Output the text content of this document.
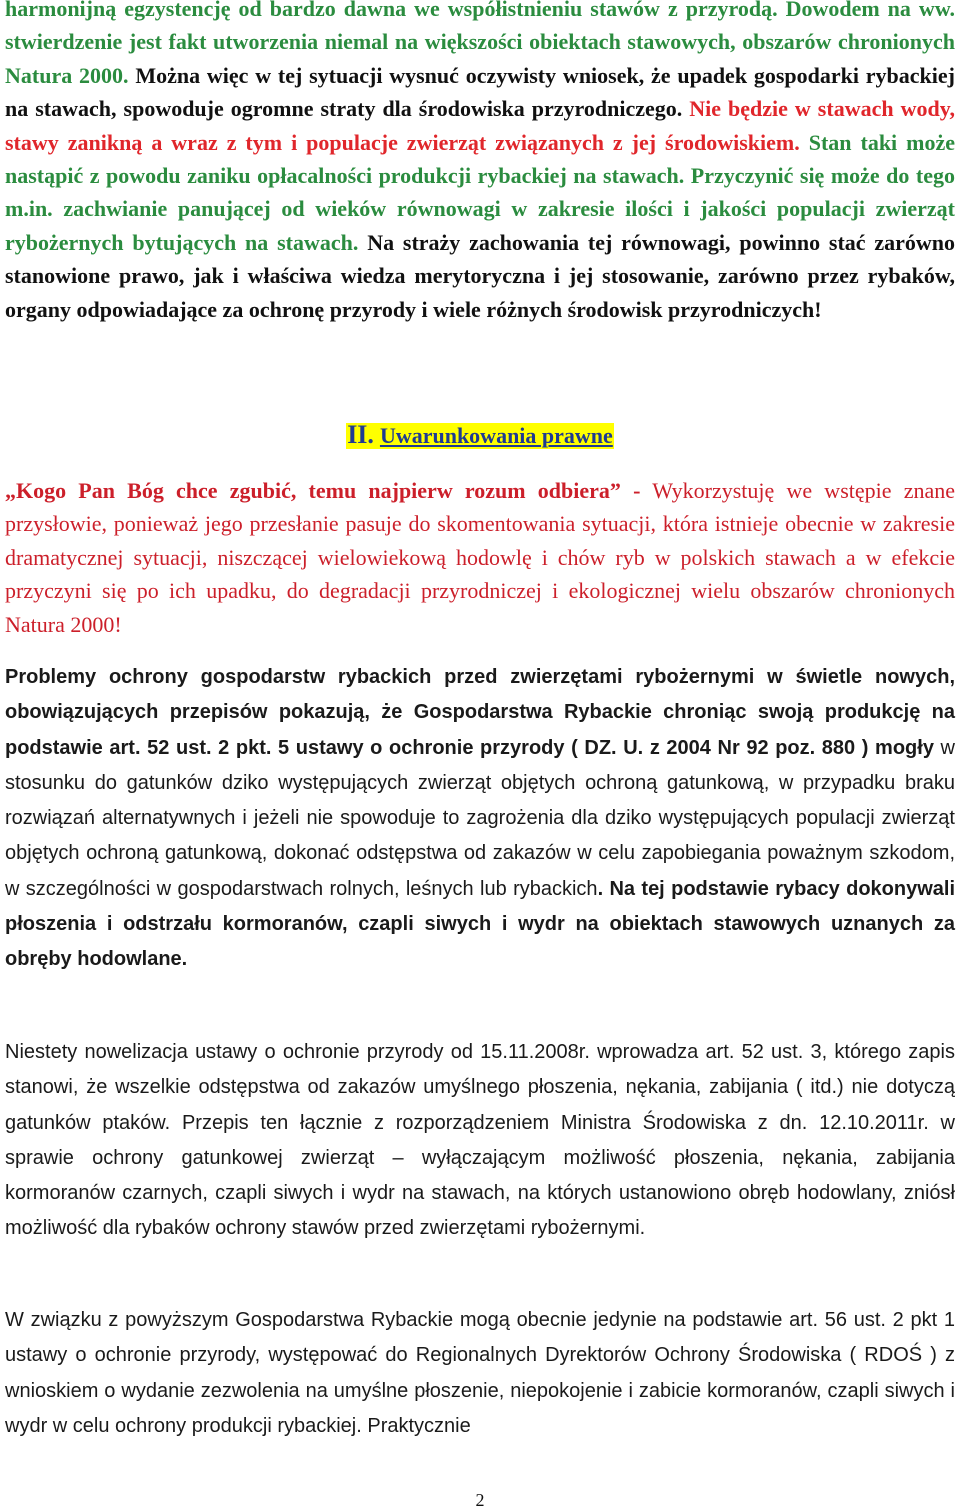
harmonijną egzystencję od bardzo dawna we współistnieniu stawów z przyrodą. Dowodem na ww. stwierdzenie jest fakt utworzenia niemal na większości obiektach stawowych, obszarów chronionych Natura 2000. Można więc w tej sytuacji wysnuć oczywisty wniosek, że upadek gospodarki rybackiej na stawach, spowoduje ogromne straty dla środowiska przyrodniczego. Nie będzie w stawach wody, stawy zanikną a wraz z tym i populacje zwierząt związanych z jej środowiskiem. Stan taki może nastąpić z powodu zaniku opłacalności produkcji rybackiej na stawach. Przyczynić się może do tego m.in. zachwianie panującej od wieków równowagi w zakresie ilości i jakości populacji zwierząt rybożernych bytujących na stawach. Na straży zachowania tej równowagi, powinno stać zarówno stanowione prawo, jak i właściwa wiedza merytoryczna i jej stosowanie, zarówno przez rybaków, organy odpowiadające za ochronę przyrody i wiele różnych środowisk przyrodniczych!

II. Uwarunkowania prawne

„Kogo Pan Bóg chce zgubić, temu najpierw rozum odbiera” - Wykorzystuję we wstępie znane przysłowie, ponieważ jego przesłanie pasuje do skomentowania sytuacji, która istnieje obecnie w zakresie dramatycznej sytuacji, niszczącej wielowiekową hodowlę i chów ryb w polskich stawach a w efekcie przyczyni się po ich upadku, do degradacji przyrodniczej i ekologicznej wielu obszarów chronionych Natura 2000!

Problemy ochrony gospodarstw rybackich przed zwierzętami rybożernymi w świetle nowych, obowiązujących przepisów pokazują, że Gospodarstwa Rybackie chroniąc swoją produkcję na podstawie art. 52 ust. 2 pkt. 5 ustawy o ochronie przyrody ( DZ. U. z 2004 Nr 92 poz. 880 ) mogły w stosunku do gatunków dziko występujących zwierząt objętych ochroną gatunkową, w przypadku braku rozwiązań alternatywnych i jeżeli nie spowoduje to zagrożenia dla dziko występujących populacji zwierząt objętych ochroną gatunkową, dokonać odstępstwa od zakazów w celu zapobiegania poważnym szkodom, w szczególności w gospodarstwach rolnych, leśnych lub rybackich. Na tej podstawie rybacy dokonywali płoszenia i odstrzału kormoranów, czapli siwych i wydr na obiektach stawowych uznanych za obręby hodowlane.

Niestety nowelizacja ustawy o ochronie przyrody od 15.11.2008r. wprowadza art. 52 ust. 3, którego zapis stanowi, że wszelkie odstępstwa od zakazów umyślnego płoszenia, nękania, zabijania ( itd.) nie dotyczą gatunków ptaków. Przepis ten łącznie z rozporządzeniem Ministra Środowiska z dn. 12.10.2011r. w sprawie ochrony gatunkowej zwierząt – wyłączającym możliwość płoszenia, nękania, zabijania kormoranów czarnych, czapli siwych i wydr na stawach, na których ustanowiono obręb hodowlany, zniósł możliwość dla rybaków ochrony stawów przed zwierzętami rybożernymi.

W związku z powyższym Gospodarstwa Rybackie mogą obecnie jedynie na podstawie art. 56 ust. 2 pkt 1 ustawy o ochronie przyrody, występować do Regionalnych Dyrektorów Ochrony Środowiska ( RDOŚ ) z wnioskiem o wydanie zezwolenia na umyślne płoszenie, niepokojenie i zabicie kormoranów, czapli siwych i wydr w celu ochrony produkcji rybackiej. Praktycznie

2
